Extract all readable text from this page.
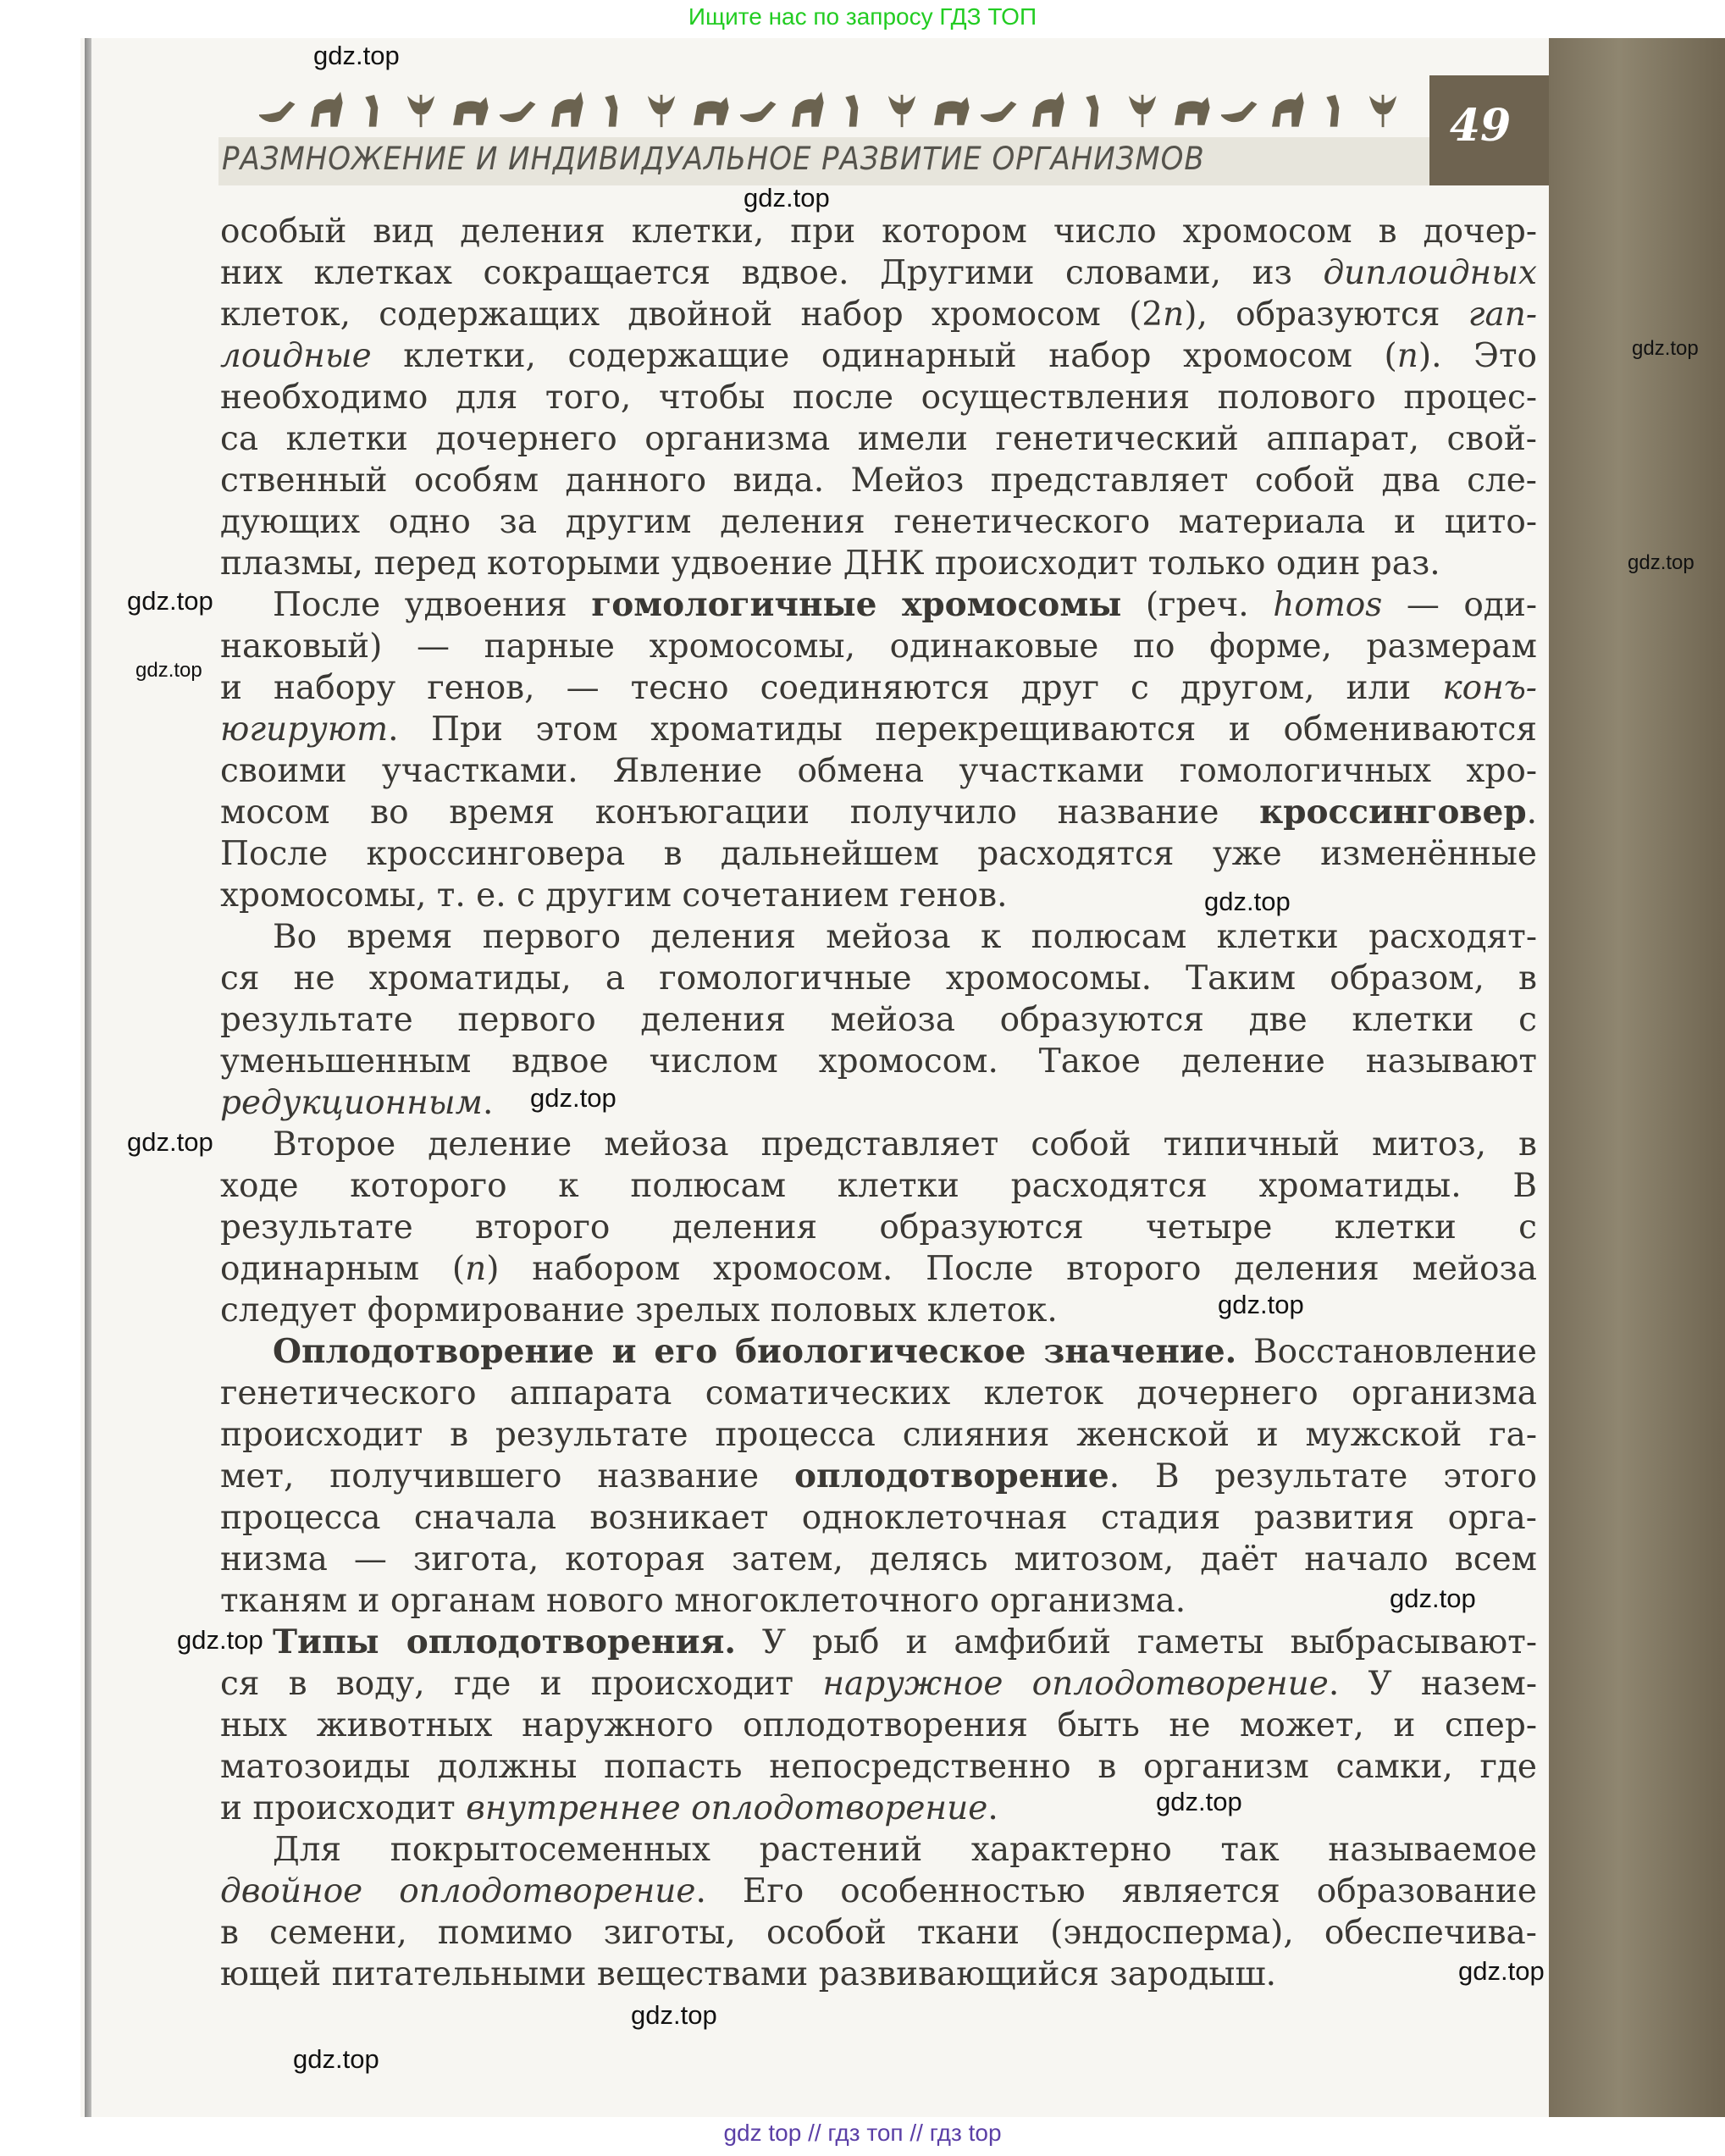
Ищите нас по запросу ГДЗ ТОП
РАЗМНОЖЕНИЕ И ИНДИВИДУАЛЬНОЕ РАЗВИТИЕ ОРГАНИЗМОВ
49
особый вид деления клетки, при котором число хромосом в дочер-
них клетках сокращается вдвое. Другими словами, из диплоидных
клеток, содержащих двойной набор хромосом (2n), образуются гап-
лоидные клетки, содержащие одинарный набор хромосом (n). Это
необходимо для того, чтобы после осуществления полового процес-
са клетки дочернего организма имели генетический аппарат, свой-
ственный особям данного вида. Мейоз представляет собой два сле-
дующих одно за другим деления генетического материала и цито-
плазмы, перед которыми удвоение ДНК происходит только один раз.
После удвоения гомологичные хромосомы (греч. homos — оди-
наковый) — парные хромосомы, одинаковые по форме, размерам
и набору генов, — тесно соединяются друг с другом, или конъ-
югируют. При этом хроматиды перекрещиваются и обмениваются
своими участками. Явление обмена участками гомологичных хро-
мосом во время конъюгации получило название кроссинговер.
После кроссинговера в дальнейшем расходятся уже изменённые
хромосомы, т. е. с другим сочетанием генов.
Во время первого деления мейоза к полюсам клетки расходят-
ся не хроматиды, а гомологичные хромосомы. Таким образом, в
результате первого деления мейоза образуются две клетки с
уменьшенным вдвое числом хромосом. Такое деление называют
редукционным.
Второе деление мейоза представляет собой типичный митоз, в
ходе которого к полюсам клетки расходятся хроматиды. В
результате второго деления образуются четыре клетки с
одинарным (n) набором хромосом. После второго деления мейоза
следует формирование зрелых половых клеток.
Оплодотворение и его биологическое значение. Восстановление
генетического аппарата соматических клеток дочернего организма
происходит в результате процесса слияния женской и мужской га-
мет, получившего название оплодотворение. В результате этого
процесса сначала возникает одноклеточная стадия развития орга-
низма — зигота, которая затем, делясь митозом, даёт начало всем
тканям и органам нового многоклеточного организма.
Типы оплодотворения. У рыб и амфибий гаметы выбрасывают-
ся в воду, где и происходит наружное оплодотворение. У назем-
ных животных наружного оплодотворения быть не может, и спер-
матозоиды должны попасть непосредственно в организм самки, где
и происходит внутреннее оплодотворение.
Для покрытосеменных растений характерно так называемое
двойное оплодотворение. Его особенностью является образование
в семени, помимо зиготы, особой ткани (эндосперма), обеспечива-
ющей питательными веществами развивающийся зародыш.
gdz.top
gdz.top
gdz.top
gdz.top
gdz.top
gdz.top
gdz.top
gdz.top
gdz.top
gdz.top
gdz.top
gdz.top
gdz.top
gdz.top
gdz.top
gdz.top
gdz top // гдз топ // гдз top
